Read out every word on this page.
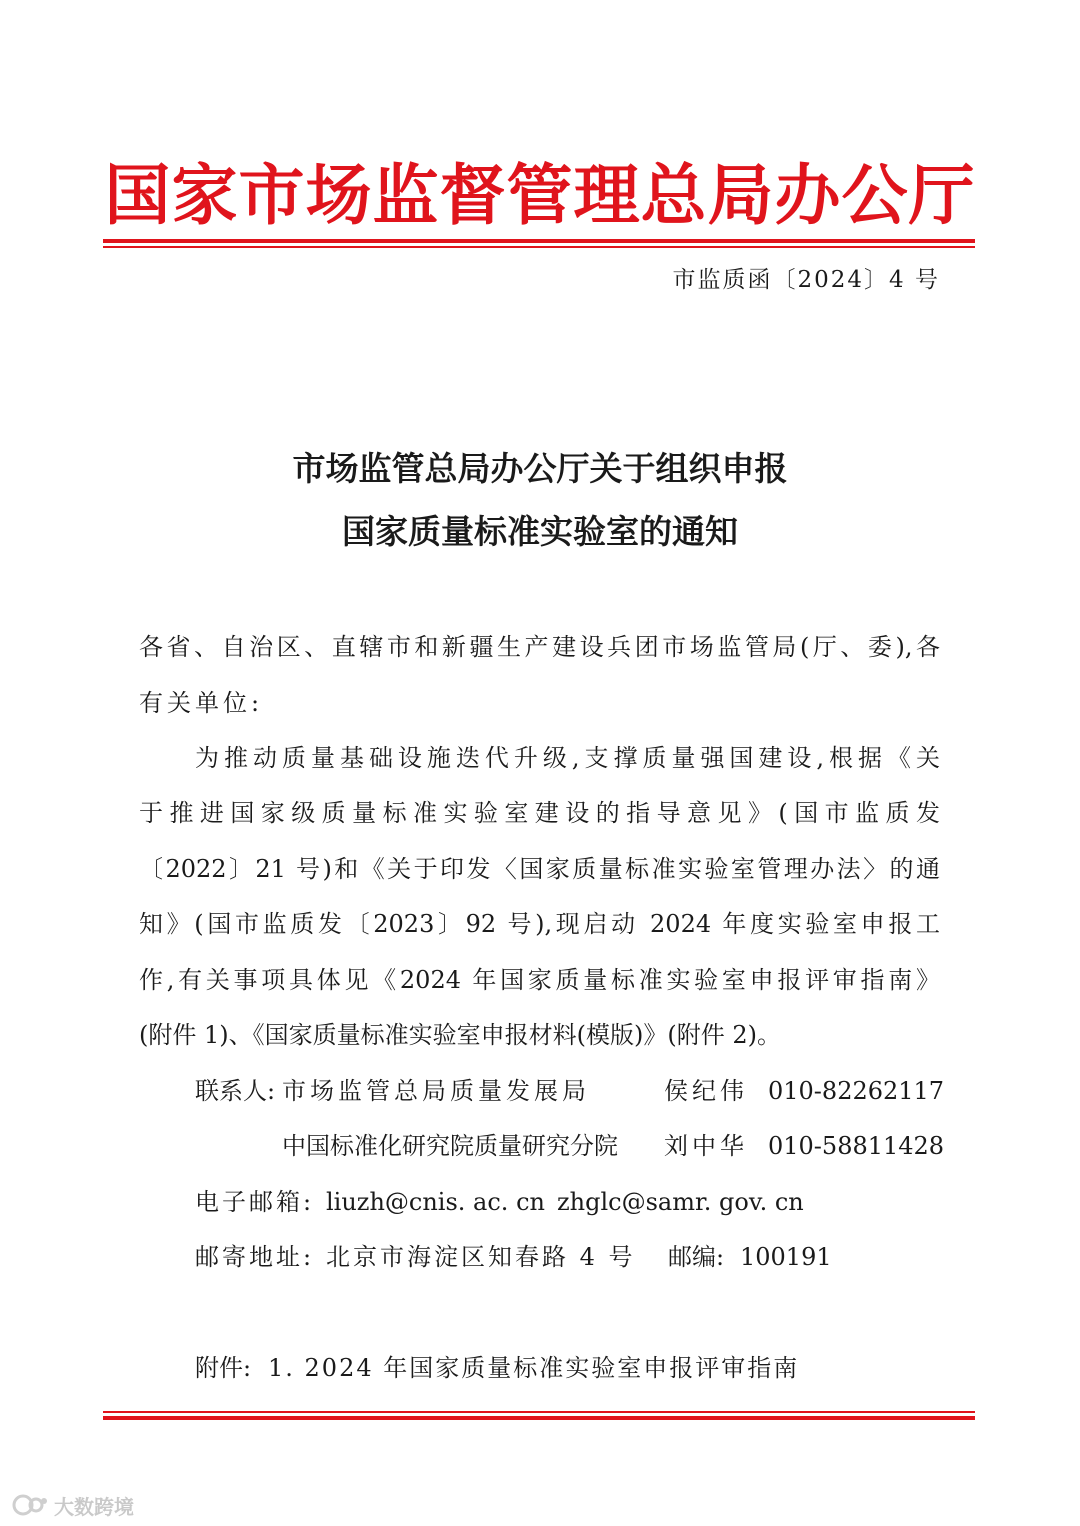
国家市场监督管理总局办公厅
市监质函〔2024〕4 号
市场监管总局办公厅关于组织申报
国家质量标准实验室的通知
各省、自治区、直辖市和新疆生产建设兵团市场监管局(厅、委),各
有关单位:
为推动质量基础设施迭代升级,支撑质量强国建设,根据《关
于推进国家级质量标准实验室建设的指导意见》(国市监质发
〔2022〕21 号)和《关于印发〈国家质量标准实验室管理办法〉的通
知》(国市监质发〔2023〕92 号),现启动 2024 年度实验室申报工
作,有关事项具体见《2024 年国家质量标准实验室申报评审指南》
(附件 1)、《国家质量标准实验室申报材料(模版)》(附件 2)。
联系人: 市场监管总局质量发展局	侯纪伟 010-82262117
中国标准化研究院质量研究分院 刘中华 010-58811428
电子邮箱: liuzh@cnis. ac. cn zhglc@samr. gov. cn
邮寄地址: 北京市海淀区知春路 4 号 邮编: 100191
附件: 1. 2024 年国家质量标准实验室申报评审指南
大数跨境
